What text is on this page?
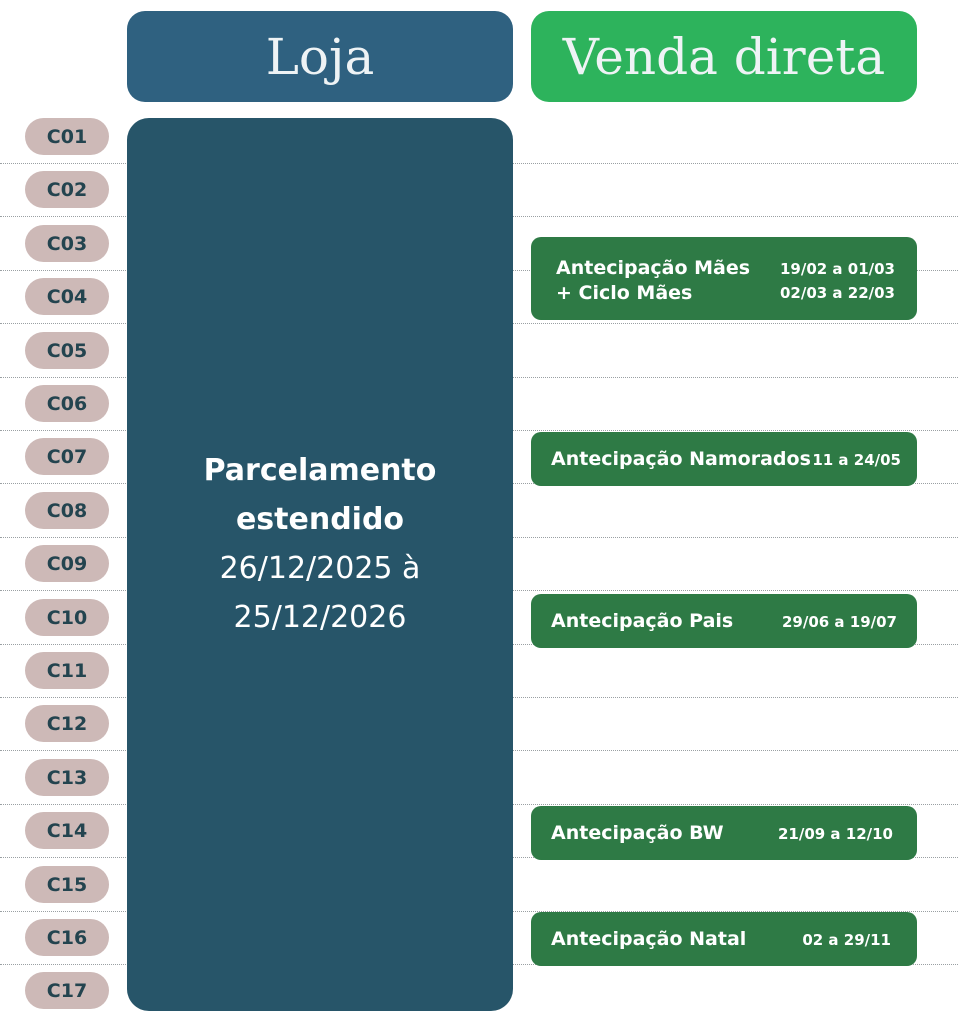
Loja	Venda direta
C01
C02
C03
C04
C05
C06
C07
C08
C09
C10
C11
C12
C13
C14
C15
C16
C17
Parcelamento
estendido
26/12/2025 à
25/12/2026
Antecipação Mães 19/02 a 01/03
+ Ciclo Mães	02/03 a 22/03
Antecipação Namorados 11 a 24/05
Antecipação Pais	29/06 a 19/07
Antecipação BW	21/09 a 12/10
Antecipação Natal	02 a 29/11
